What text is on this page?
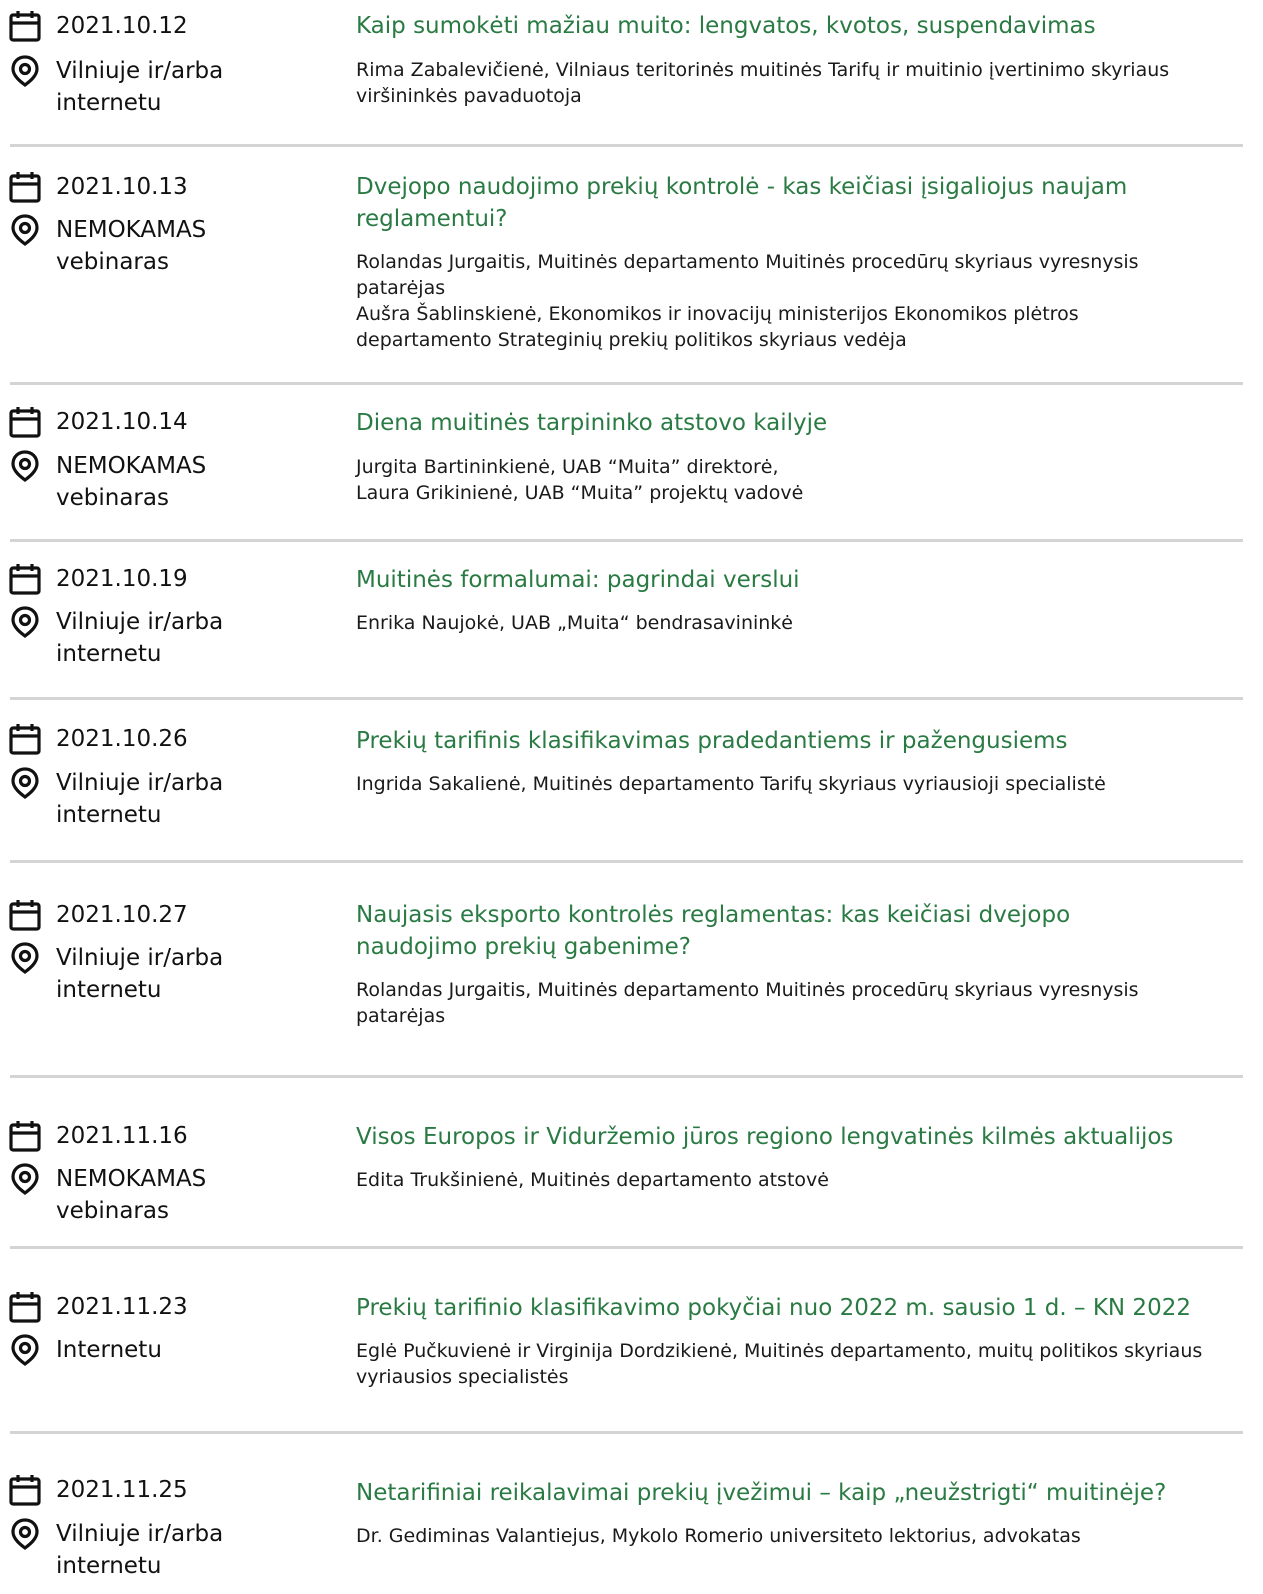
2021.10.12
Vilniuje ir/arba internetu
Kaip sumokėti mažiau muito: lengvatos, kvotos, suspendavimas
Rima Zabalevičienė, Vilniaus teritorinės muitinės Tarifų ir muitinio įvertinimo skyriaus viršininkės pavaduotoja
2021.10.13
NEMOKAMAS vebinaras
Dvejopo naudojimo prekių kontrolė - kas keičiasi įsigaliojus naujam reglamentui?
Rolandas Jurgaitis, Muitinės departamento Muitinės procedūrų skyriaus vyresnysis patarėjas
Aušra Šablinskienė, Ekonomikos ir inovacijų ministerijos Ekonomikos plėtros departamento Strateginių prekių politikos skyriaus vedėja
2021.10.14
NEMOKAMAS vebinaras
Diena muitinės tarpininko atstovo kailyje
Jurgita Bartininkienė, UAB “Muita” direktorė,
Laura Grikinienė, UAB “Muita” projektų vadovė
2021.10.19
Vilniuje ir/arba internetu
Muitinės formalumai: pagrindai verslui
Enrika Naujokė, UAB „Muita“ bendrasavininkė
2021.10.26
Vilniuje ir/arba internetu
Prekių tarifinis klasifikavimas pradedantiems ir pažengusiems
Ingrida Sakalienė, Muitinės departamento Tarifų skyriaus vyriausioji specialistė
2021.10.27
Vilniuje ir/arba internetu
Naujasis eksporto kontrolės reglamentas: kas keičiasi dvejopo naudojimo prekių gabenime?
Rolandas Jurgaitis, Muitinės departamento Muitinės procedūrų skyriaus vyresnysis patarėjas
2021.11.16
NEMOKAMAS vebinaras
Visos Europos ir Viduržemio jūros regiono lengvatinės kilmės aktualijos
Edita Trukšinienė, Muitinės departamento atstovė
2021.11.23
Internetu
Prekių tarifinio klasifikavimo pokyčiai nuo 2022 m. sausio 1 d. – KN 2022
Eglė Pučkuvienė ir Virginija Dordzikienė, Muitinės departamento, muitų politikos skyriaus vyriausios specialistės
2021.11.25
Vilniuje ir/arba internetu
Netarifiniai reikalavimai prekių įvežimui – kaip „neužstrigti“ muitinėje?
Dr. Gediminas Valantiejus, Mykolo Romerio universiteto lektorius, advokatas
